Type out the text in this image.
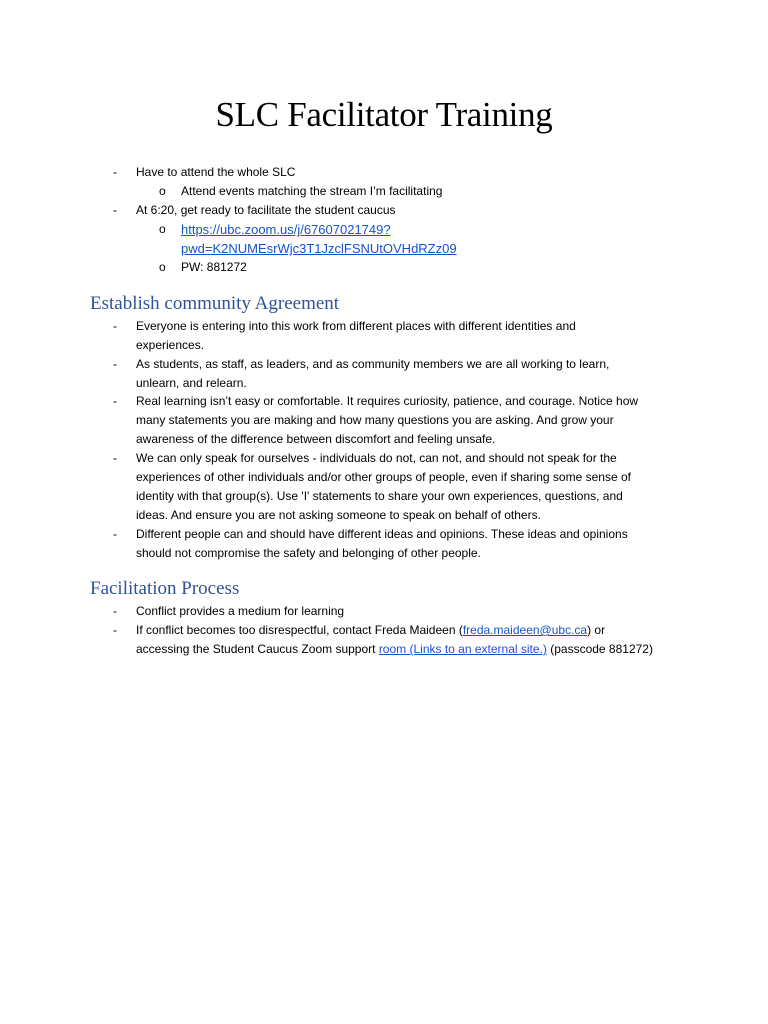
SLC Facilitator Training
- Have to attend the whole SLC
o Attend events matching the stream I’m facilitating
- At 6:20, get ready to facilitate the student caucus
o https://ubc.zoom.us/j/67607021749?
pwd=K2NUMEsrWjc3T1JzclFSNUtOVHdRZz09
o PW: 881272
Establish community Agreement
- Everyone is entering into this work from different places with different identities and
experiences.
- As students, as staff, as leaders, and as community members we are all working to learn,
unlearn, and relearn.
- Real learning isn’t easy or comfortable. It requires curiosity, patience, and courage. Notice how
many statements you are making and how many questions you are asking. And grow your
awareness of the difference between discomfort and feeling unsafe.
- We can only speak for ourselves - individuals do not, can not, and should not speak for the
experiences of other individuals and/or other groups of people, even if sharing some sense of
identity with that group(s). Use 'I' statements to share your own experiences, questions, and
ideas. And ensure you are not asking someone to speak on behalf of others.
- Different people can and should have different ideas and opinions. These ideas and opinions
should not compromise the safety and belonging of other people.
Facilitation Process
- Conflict provides a medium for learning
- If conflict becomes too disrespectful, contact Freda Maideen (freda.maideen@ubc.ca) or
accessing the Student Caucus Zoom support room (Links to an external site.) (passcode 881272)
